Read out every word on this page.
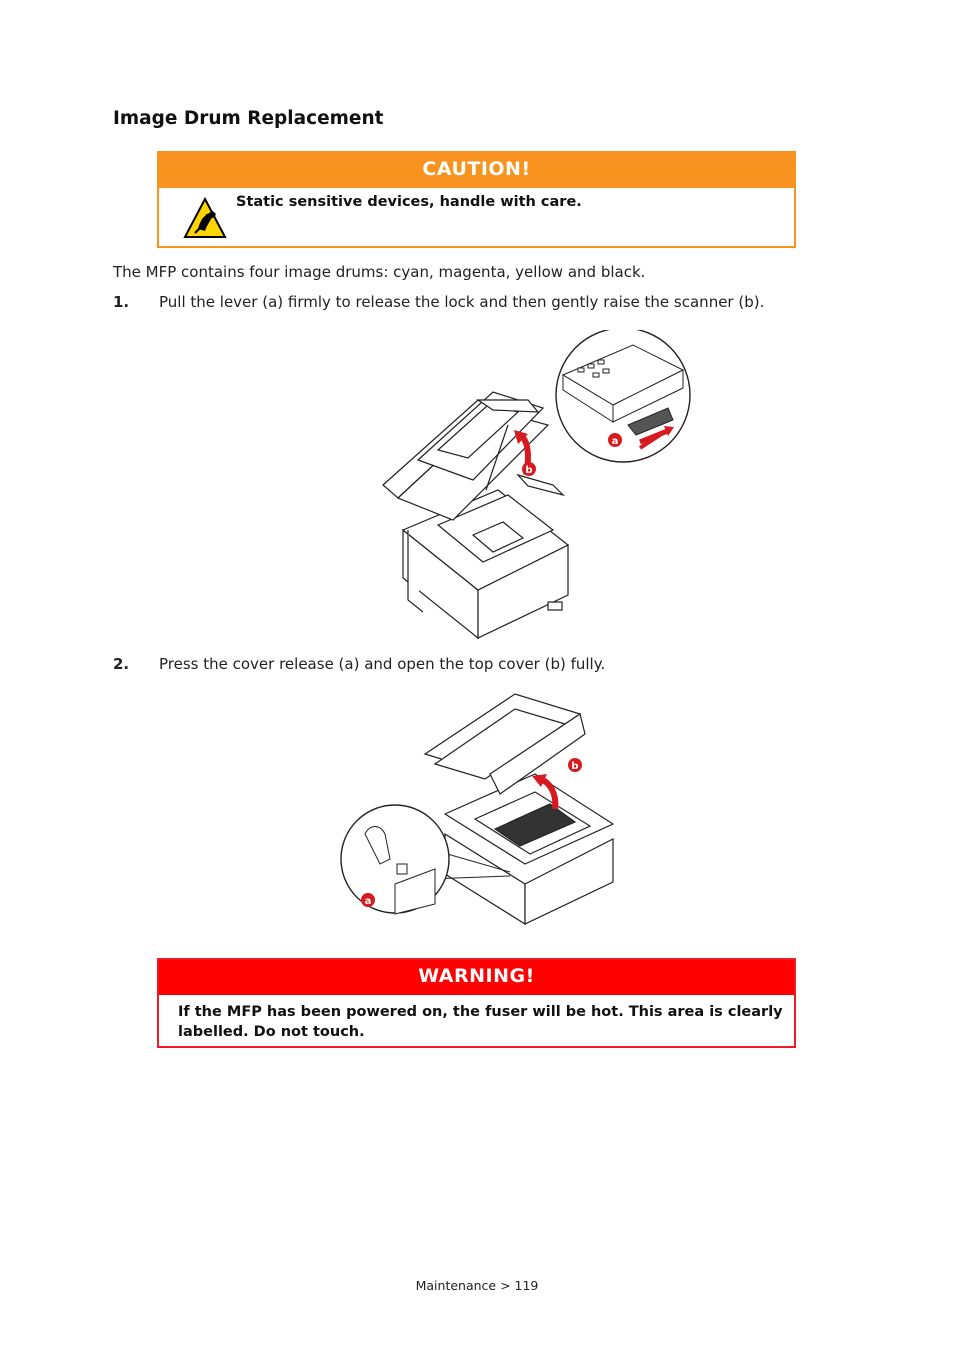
Image Drum Replacement
CAUTION!
Static sensitive devices, handle with care.
The MFP contains four image drums: cyan, magenta, yellow and black.
1. Pull the lever (a) firmly to release the lock and then gently raise the scanner (b).
b
a
2. Press the cover release (a) and open the top cover (b) fully.
b
a
WARNING!
If the MFP has been powered on, the fuser will be hot. This area is clearly labelled. Do not touch.
Maintenance > 119
